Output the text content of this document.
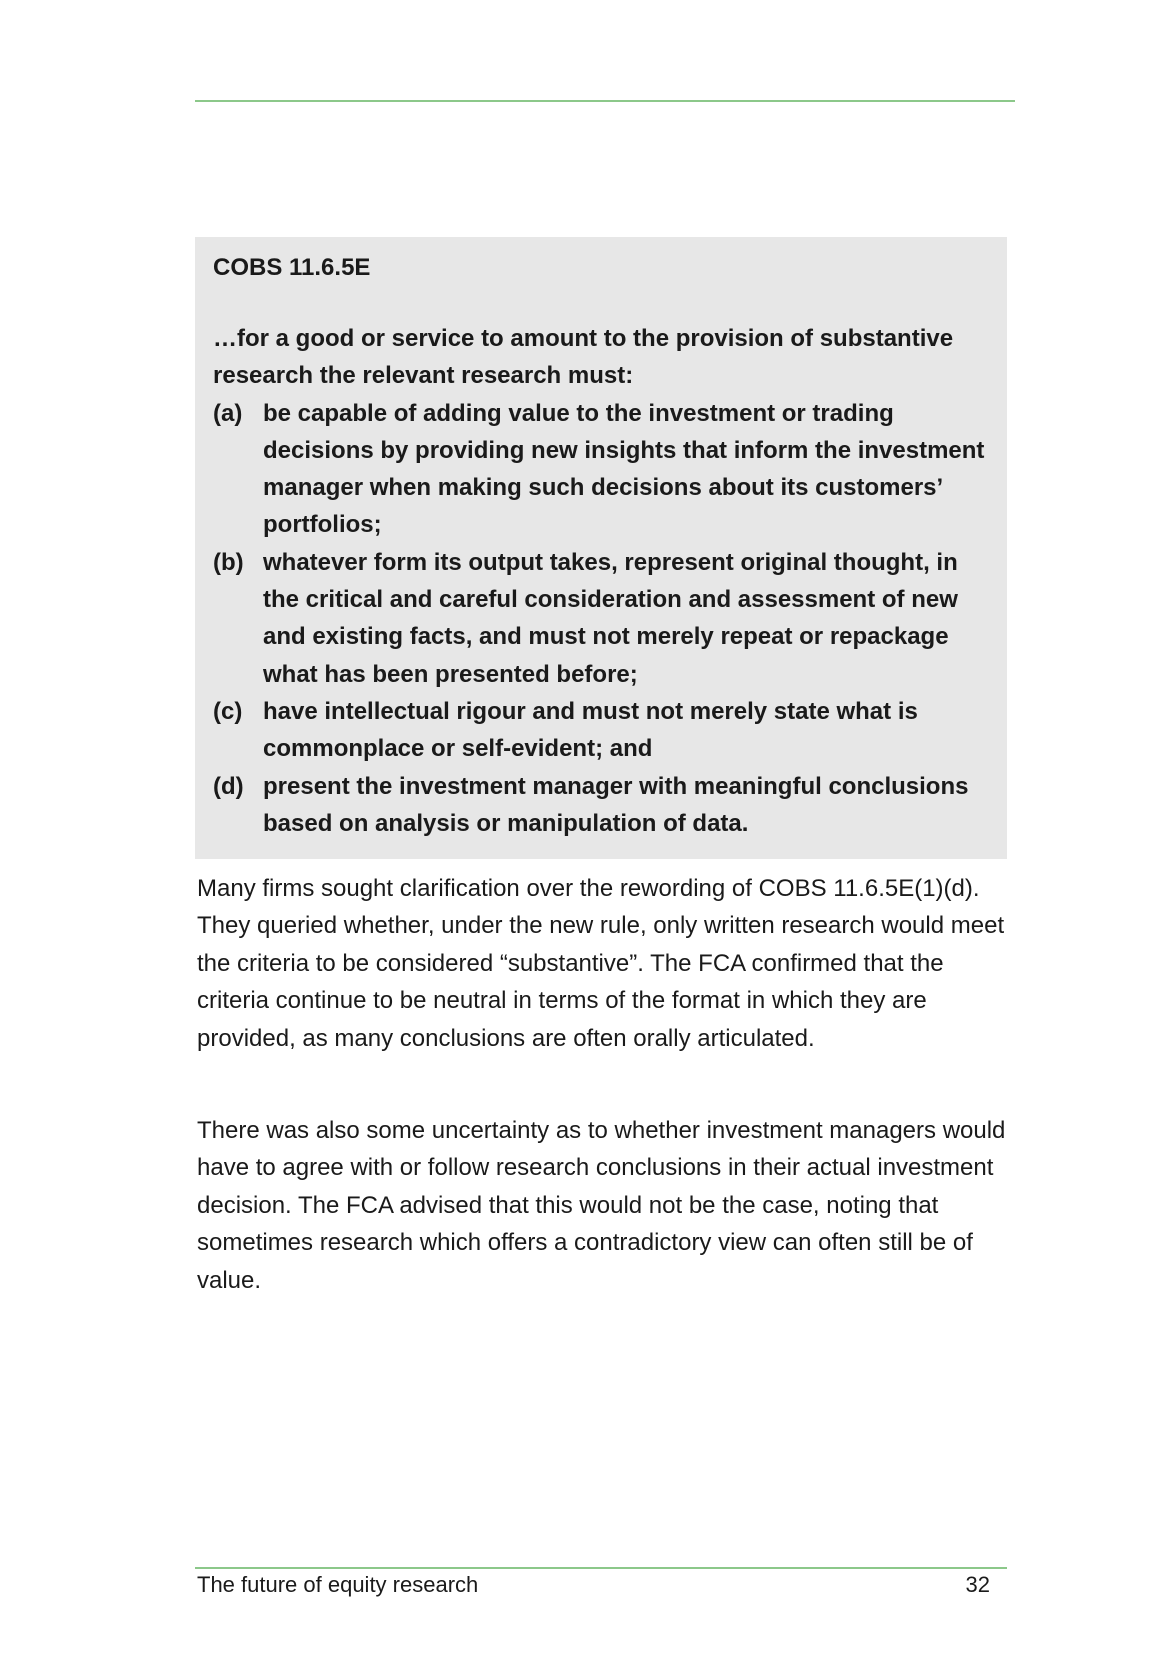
COBS 11.6.5E

…for a good or service to amount to the provision of substantive research the relevant research must:

(a) be capable of adding value to the investment or trading decisions by providing new insights that inform the investment manager when making such decisions about its customers’ portfolios;
(b) whatever form its output takes, represent original thought, in the critical and careful consideration and assessment of new and existing facts, and must not merely repeat or repackage what has been presented before;
(c) have intellectual rigour and must not merely state what is commonplace or self-evident; and
(d) present the investment manager with meaningful conclusions based on analysis or manipulation of data.

Many firms sought clarification over the rewording of COBS 11.6.5E(1)(d). They queried whether, under the new rule, only written research would meet the criteria to be considered “substantive”. The FCA confirmed that the criteria continue to be neutral in terms of the format in which they are provided, as many conclusions are often orally articulated.

There was also some uncertainty as to whether investment managers would have to agree with or follow research conclusions in their actual investment decision. The FCA advised that this would not be the case, noting that sometimes research which offers a contradictory view can often still be of value.

The future of equity research	32
